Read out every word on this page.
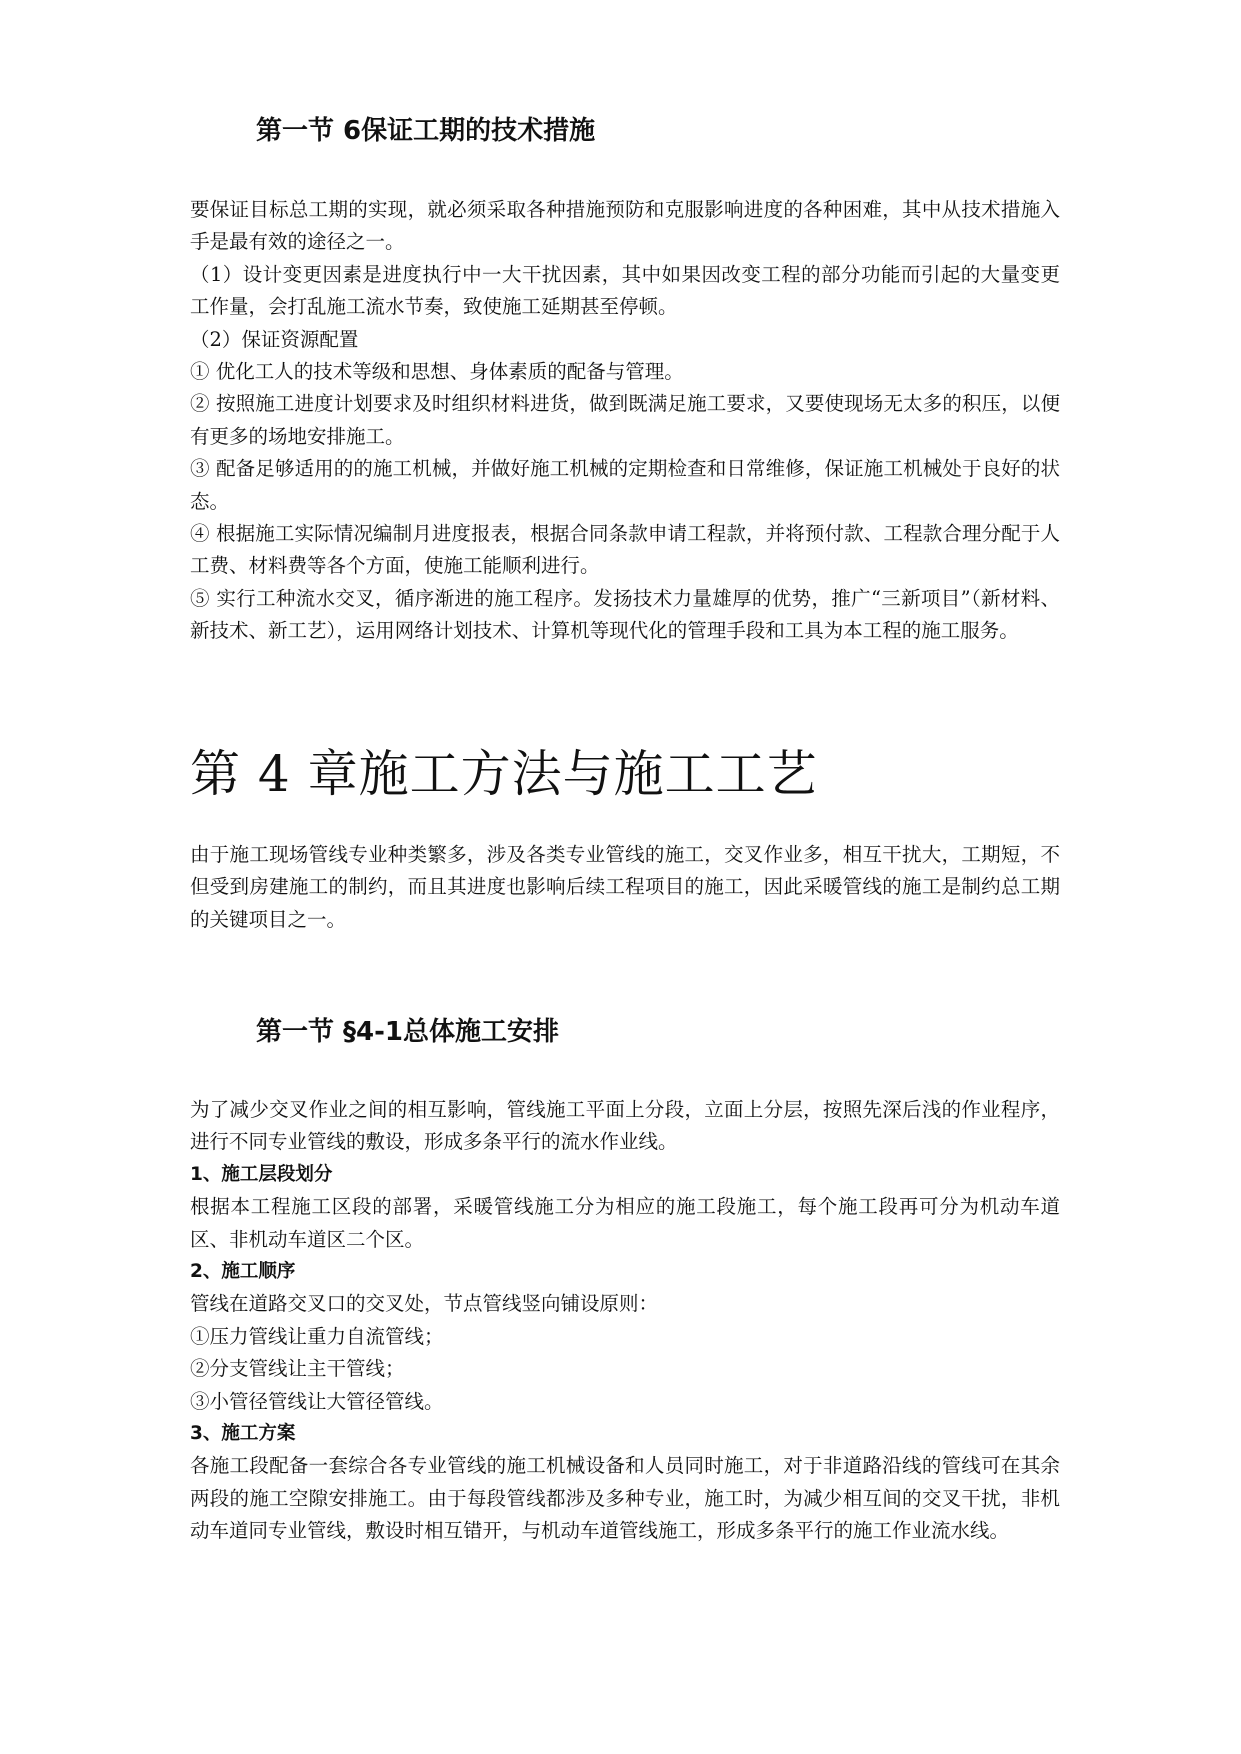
第一节 6保证工期的技术措施

要保证目标总工期的实现，就必须采取各种措施预防和克服影响进度的各种困难，其中从技术措施入手是最有效的途径之一。

（1）设计变更因素是进度执行中一大干扰因素，其中如果因改变工程的部分功能而引起的大量变更工作量，会打乱施工流水节奏，致使施工延期甚至停顿。

（2）保证资源配置

① 优化工人的技术等级和思想、身体素质的配备与管理。

② 按照施工进度计划要求及时组织材料进货，做到既满足施工要求，又要使现场无太多的积压，以便有更多的场地安排施工。

③ 配备足够适用的的施工机械，并做好施工机械的定期检查和日常维修，保证施工机械处于良好的状态。

④ 根据施工实际情况编制月进度报表，根据合同条款申请工程款，并将预付款、工程款合理分配于人工费、材料费等各个方面，使施工能顺利进行。

⑤ 实行工种流水交叉，循序渐进的施工程序。发扬技术力量雄厚的优势，推广“三新项目”（新材料、新技术、新工艺），运用网络计划技术、计算机等现代化的管理手段和工具为本工程的施工服务。

第 4 章施工方法与施工工艺

由于施工现场管线专业种类繁多，涉及各类专业管线的施工，交叉作业多，相互干扰大，工期短，不但受到房建施工的制约，而且其进度也影响后续工程项目的施工，因此采暖管线的施工是制约总工期的关键项目之一。

第一节 §4-1总体施工安排

为了减少交叉作业之间的相互影响，管线施工平面上分段，立面上分层，按照先深后浅的作业程序，进行不同专业管线的敷设，形成多条平行的流水作业线。

1、施工层段划分

根据本工程施工区段的部署，采暖管线施工分为相应的施工段施工，每个施工段再可分为机动车道区、非机动车道区二个区。

2、施工顺序

管线在道路交叉口的交叉处，节点管线竖向铺设原则：

①压力管线让重力自流管线；

②分支管线让主干管线；

③小管径管线让大管径管线。

3、施工方案

各施工段配备一套综合各专业管线的施工机械设备和人员同时施工，对于非道路沿线的管线可在其余两段的施工空隙安排施工。由于每段管线都涉及多种专业，施工时，为减少相互间的交叉干扰，非机动车道同专业管线，敷设时相互错开，与机动车道管线施工，形成多条平行的施工作业流水线。
